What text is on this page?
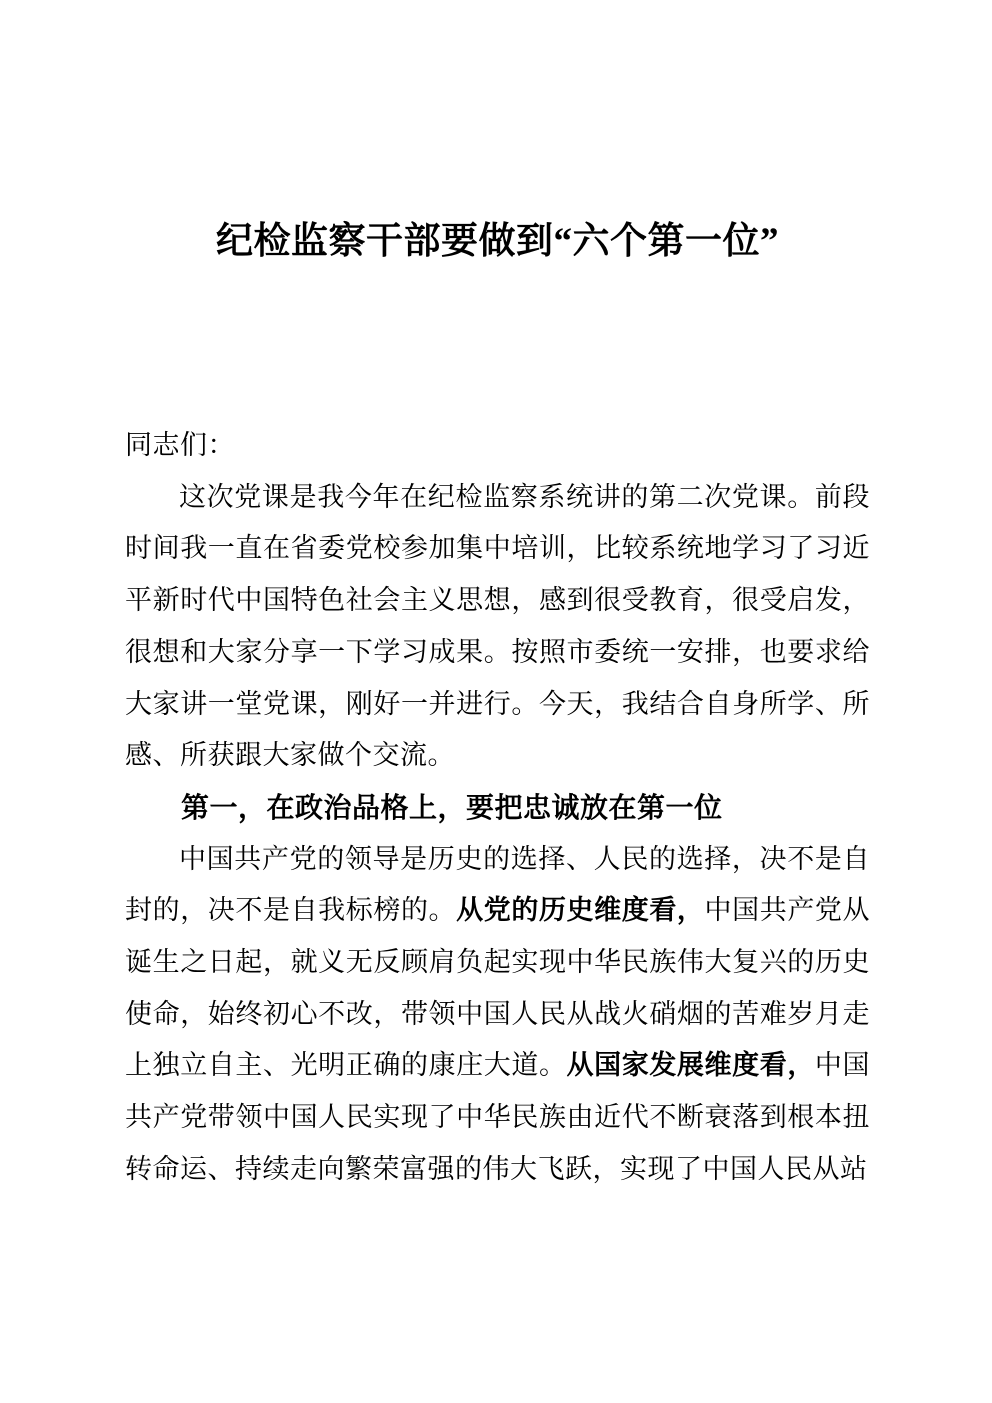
纪检监察干部要做到“六个第一位”

同志们：

这次党课是我今年在纪检监察系统讲的第二次党课。前段时间我一直在省委党校参加集中培训，比较系统地学习了习近平新时代中国特色社会主义思想，感到很受教育，很受启发，很想和大家分享一下学习成果。按照市委统一安排，也要求给大家讲一堂党课，刚好一并进行。今天，我结合自身所学、所感、所获跟大家做个交流。

第一，在政治品格上，要把忠诚放在第一位

中国共产党的领导是历史的选择、人民的选择，决不是自封的，决不是自我标榜的。从党的历史维度看，中国共产党从诞生之日起，就义无反顾肩负起实现中华民族伟大复兴的历史使命，始终初心不改，带领中国人民从战火硝烟的苦难岁月走上独立自主、光明正确的康庄大道。从国家发展维度看，中国共产党带领中国人民实现了中华民族由近代不断衰落到根本扭转命运、持续走向繁荣富强的伟大飞跃，实现了中国人民从站
